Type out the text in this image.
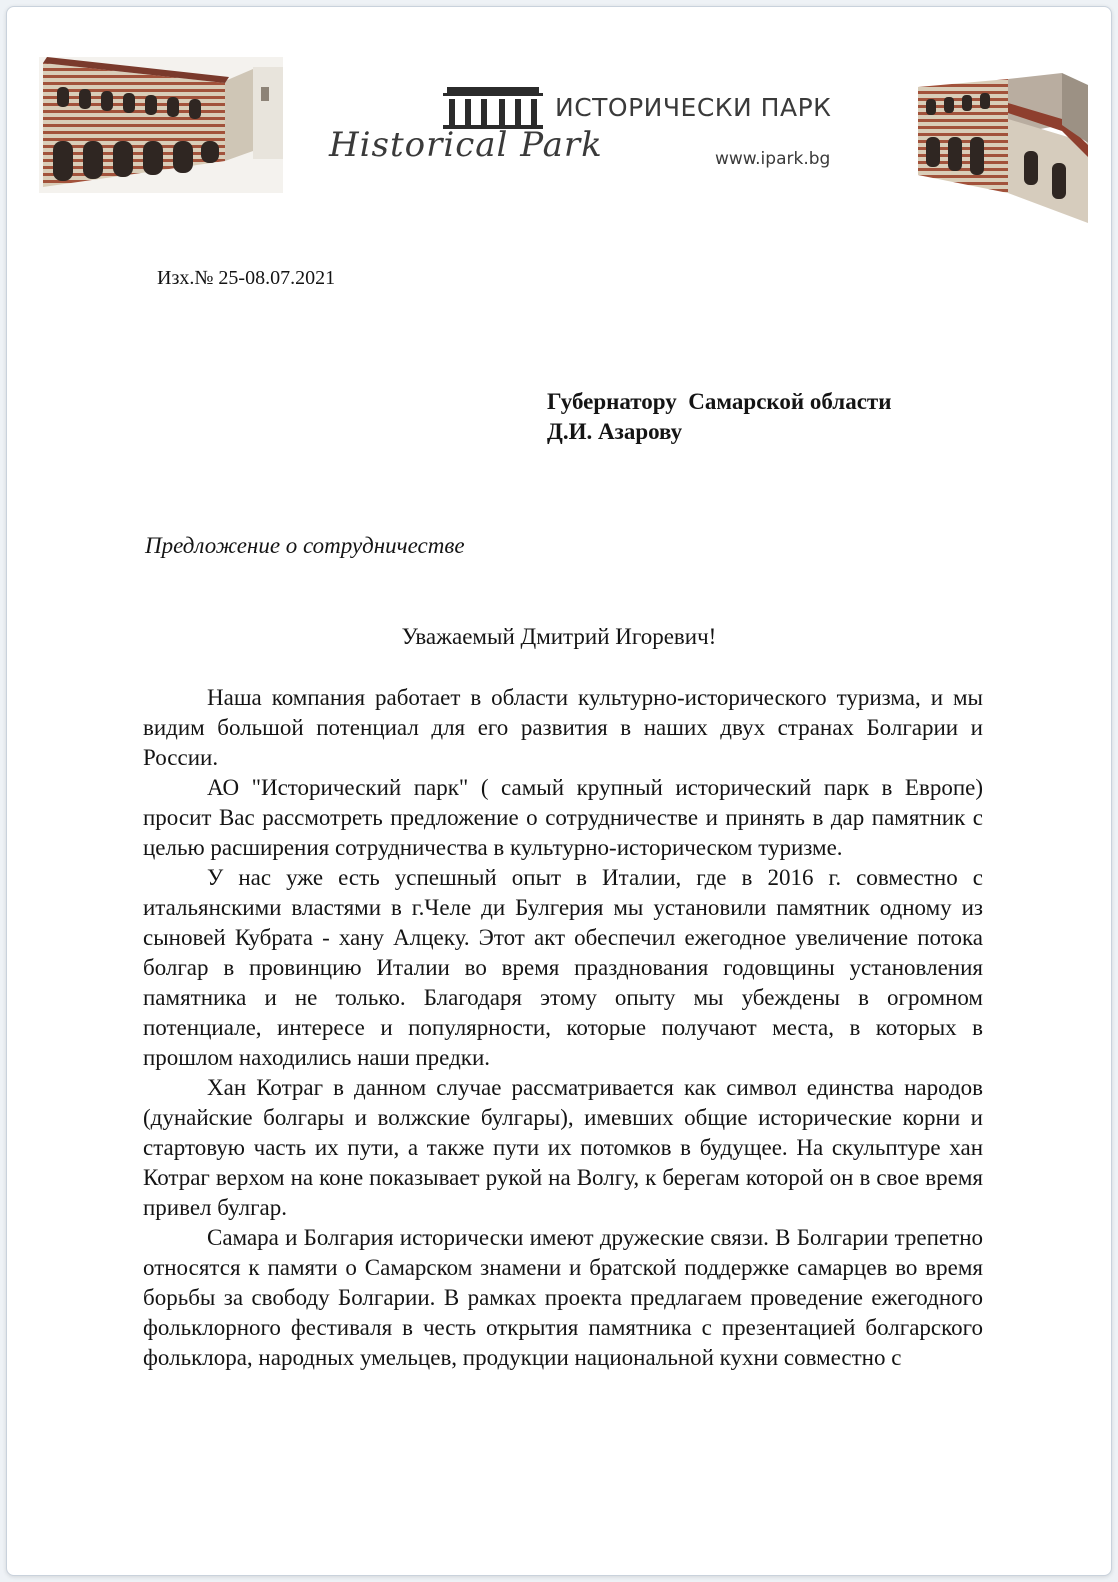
Historical Park
ИСТОРИЧЕСКИ ПАРК
www.ipark.bg
Изх.№ 25-08.07.2021
Губернатору  Самарской области
Д.И. Азарову
Предложение о сотрудничестве
Уважаемый Дмитрий Игоревич!

Наша компания работает в области культурно-исторического туризма, и мы видим большой потенциал для его развития в наших двух странах Болгарии и России.

АО "Исторический парк" ( самый крупный исторический парк в Европе) просит Вас рассмотреть предложение о сотрудничестве и принять в дар памятник с целью расширения сотрудничества в культурно-историческом туризме.

У нас уже есть успешный опыт в Италии, где в 2016 г. совместно с итальянскими властями в г.Челе ди Булгерия мы установили памятник одному из сыновей Кубрата - хану Алцеку. Этот акт обеспечил ежегодное увеличение потока болгар в провинцию Италии во время празднования годовщины установления памятника и не только. Благодаря этому опыту мы убеждены в огромном потенциале, интересе и популярности, которые получают места, в которых в прошлом находились наши предки.

Хан Котраг в данном случае рассматривается как символ единства народов (дунайские болгары и волжские булгары), имевших общие исторические корни и стартовую часть их пути, а также пути их потомков в будущее. На скульптуре хан Котраг верхом на коне показывает рукой на Волгу, к берегам которой он в свое время привел булгар.

Самара и Болгария исторически имеют дружеские связи. В Болгарии трепетно относятся к памяти о Самарском знамени и братской поддержке самарцев во время борьбы за свободу Болгарии. В рамках проекта предлагаем проведение ежегодного фольклорного фестиваля в честь открытия памятника с презентацией болгарского фольклора, народных умельцев, продукции национальной кухни совместно с
